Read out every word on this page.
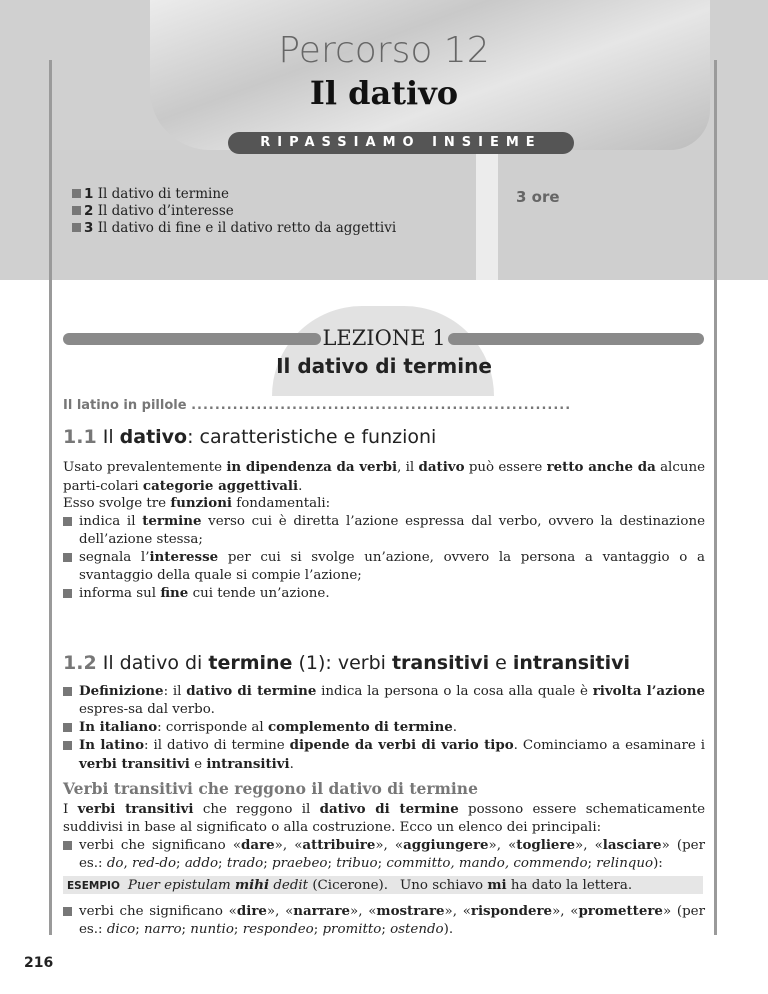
Percorso 12
Il dativo
RIPASSIAMO INSIEME
1 Il dativo di termine
2 Il dativo d’interesse
3 Il dativo di fine e il dativo retto da aggettivi
3 ore
LEZIONE 1
Il dativo di termine
Il latino in pillole ................................................................
1.1 Il dativo: caratteristiche e funzioni
Usato prevalentemente in dipendenza da verbi, il dativo può essere retto anche da alcune parti-colari categorie aggettivali.
Esso svolge tre funzioni fondamentali:
indica il termine verso cui è diretta l’azione espressa dal verbo, ovvero la destinazione dell’azione stessa;
segnala l’interesse per cui si svolge un’azione, ovvero la persona a vantaggio o a svantaggio della quale si compie l’azione;
informa sul fine cui tende un’azione.
1.2 Il dativo di termine (1): verbi transitivi e intransitivi
Definizione: il dativo di termine indica la persona o la cosa alla quale è rivolta l’azione espres-sa dal verbo.
In italiano: corrisponde al complemento di termine.
In latino: il dativo di termine dipende da verbi di vario tipo. Cominciamo a esaminare i verbi transitivi e intransitivi.
Verbi transitivi che reggono il dativo di termine
I verbi transitivi che reggono il dativo di termine possono essere schematicamente suddivisi in base al significato o alla costruzione. Ecco un elenco dei principali:
verbi che significano «dare», «attribuire», «aggiungere», «togliere», «lasciare» (per es.: do, red-do; addo; trado; praebeo; tribuo; committo, mando, commendo; relinquo):
ESEMPIO Puer epistulam mihi dedit (Cicerone). Uno schiavo mi ha dato la lettera.
verbi che significano «dire», «narrare», «mostrare», «rispondere», «promettere» (per es.: dico; narro; nuntio; respondeo; promitto; ostendo).
216
